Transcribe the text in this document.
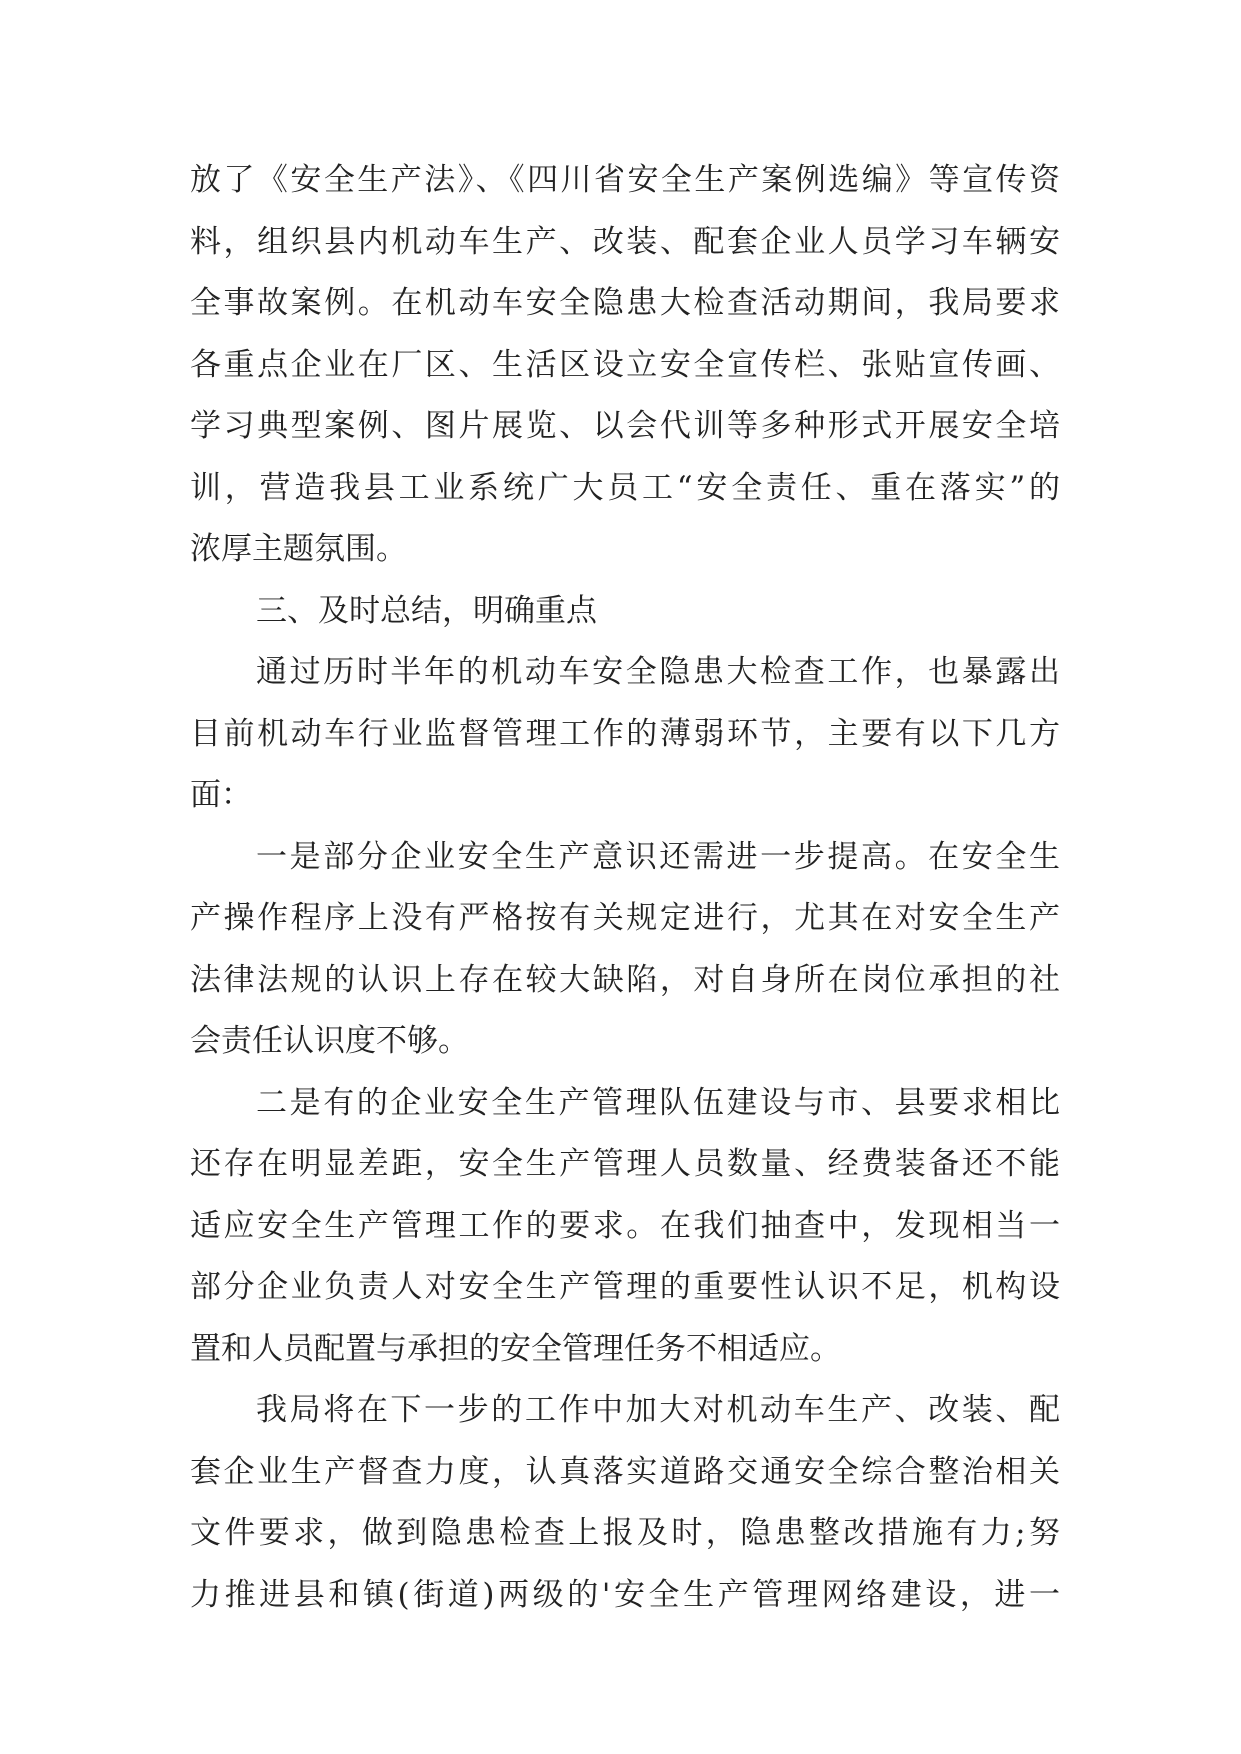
放了《安全生产法》、《四川省安全生产案例选编》等宣传资
料，组织县内机动车生产、改装、配套企业人员学习车辆安
全事故案例。在机动车安全隐患大检查活动期间，我局要求
各重点企业在厂区、生活区设立安全宣传栏、张贴宣传画、
学习典型案例、图片展览、以会代训等多种形式开展安全培
训，营造我县工业系统广大员工“安全责任、重在落实”的
浓厚主题氛围。
三、及时总结，明确重点
通过历时半年的机动车安全隐患大检查工作，也暴露出
目前机动车行业监督管理工作的薄弱环节，主要有以下几方
面：
一是部分企业安全生产意识还需进一步提高。在安全生
产操作程序上没有严格按有关规定进行，尤其在对安全生产
法律法规的认识上存在较大缺陷，对自身所在岗位承担的社
会责任认识度不够。
二是有的企业安全生产管理队伍建设与市、县要求相比
还存在明显差距，安全生产管理人员数量、经费装备还不能
适应安全生产管理工作的要求。在我们抽查中，发现相当一
部分企业负责人对安全生产管理的重要性认识不足，机构设
置和人员配置与承担的安全管理任务不相适应。
我局将在下一步的工作中加大对机动车生产、改装、配
套企业生产督查力度，认真落实道路交通安全综合整治相关
文件要求，做到隐患检查上报及时，隐患整改措施有力;努
力推进县和镇(街道)两级的'安全生产管理网络建设，进一
